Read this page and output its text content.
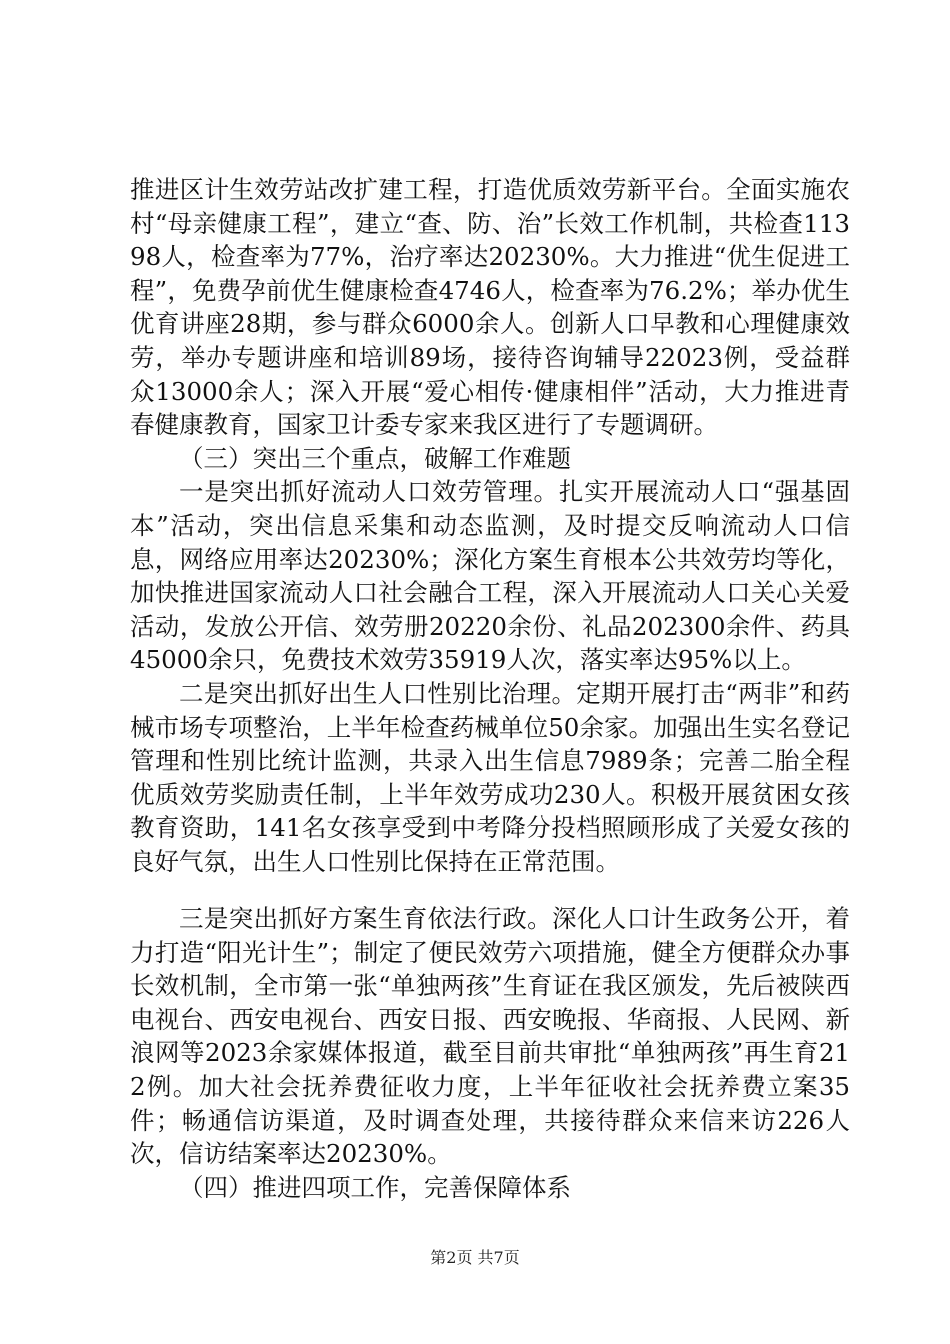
推进区计生效劳站改扩建工程，打造优质效劳新平台。全面实施农村“母亲健康工程”，建立“查、防、治”长效工作机制，共检查11398人，检查率为77%，治疗率达20230%。大力推进“优生促进工程”，免费孕前优生健康检查4746人，检查率为76.2%；举办优生优育讲座28期，参与群众6000余人。创新人口早教和心理健康效劳，举办专题讲座和培训89场，接待咨询辅导22023例，受益群众13000余人；深入开展“爱心相传·健康相伴”活动，大力推进青春健康教育，国家卫计委专家来我区进行了专题调研。

（三）突出三个重点，破解工作难题

一是突出抓好流动人口效劳管理。扎实开展流动人口“强基固本”活动，突出信息采集和动态监测，及时提交反响流动人口信息，网络应用率达20230%；深化方案生育根本公共效劳均等化，加快推进国家流动人口社会融合工程，深入开展流动人口关心关爱活动，发放公开信、效劳册20220余份、礼品202300余件、药具45000余只，免费技术效劳35919人次，落实率达95%以上。

二是突出抓好出生人口性别比治理。定期开展打击“两非”和药械市场专项整治，上半年检查药械单位50余家。加强出生实名登记管理和性别比统计监测，共录入出生信息7989条；完善二胎全程优质效劳奖励责任制，上半年效劳成功230人。积极开展贫困女孩教育资助，141名女孩享受到中考降分投档照顾形成了关爱女孩的良好气氛，出生人口性别比保持在正常范围。

三是突出抓好方案生育依法行政。深化人口计生政务公开，着力打造“阳光计生”；制定了便民效劳六项措施，健全方便群众办事长效机制，全市第一张“单独两孩”生育证在我区颁发，先后被陕西电视台、西安电视台、西安日报、西安晚报、华商报、人民网、新浪网等2023余家媒体报道，截至目前共审批“单独两孩”再生育212例。加大社会抚养费征收力度，上半年征收社会抚养费立案35件；畅通信访渠道，及时调查处理，共接待群众来信来访226人次，信访结案率达20230%。

（四）推进四项工作，完善保障体系

第2页 共7页
